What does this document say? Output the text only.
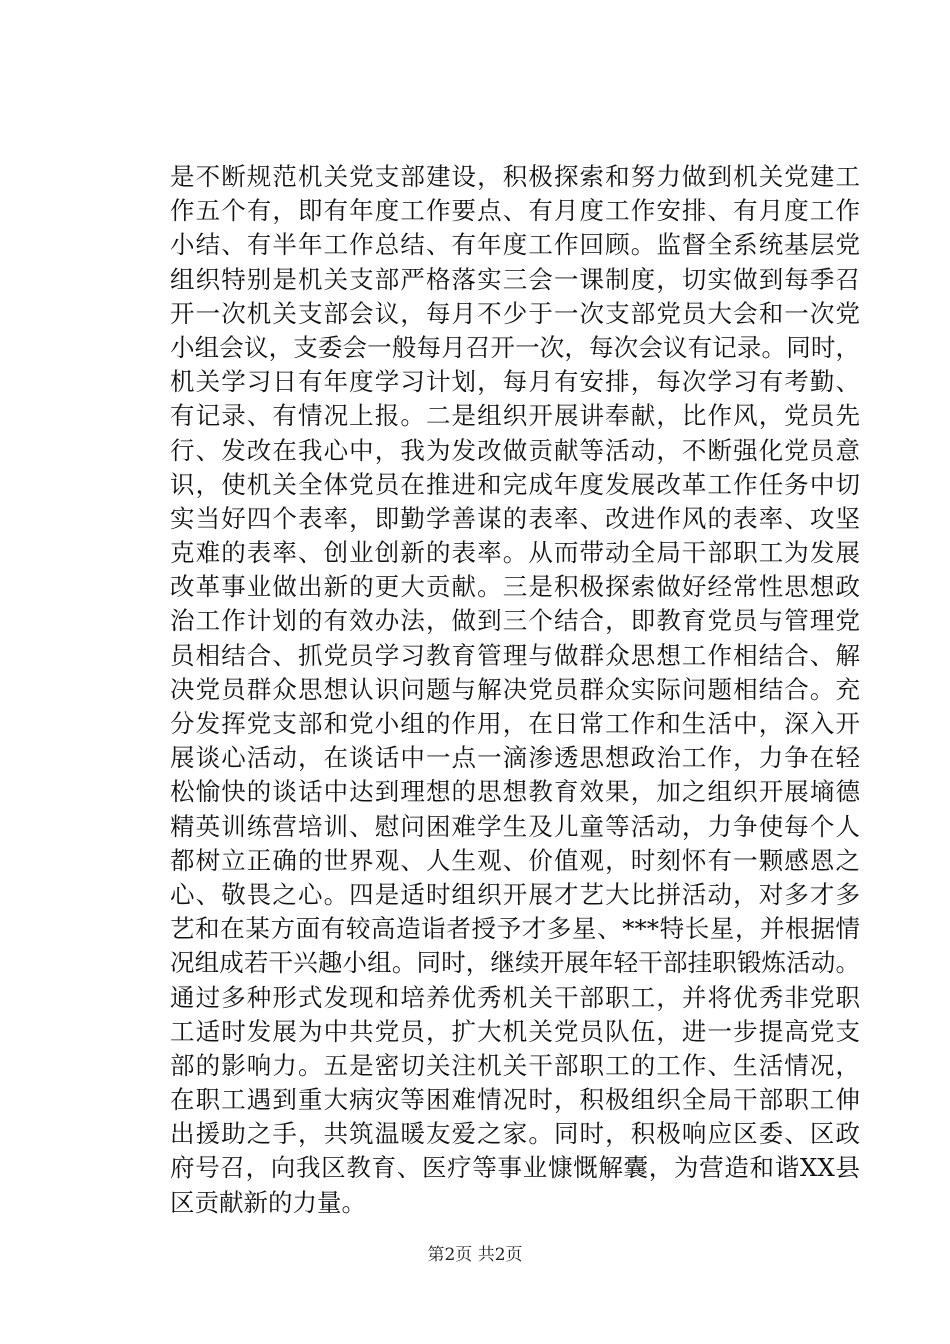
是不断规范机关党支部建设，积极探索和努力做到机关党建工
作五个有，即有年度工作要点、有月度工作安排、有月度工作
小结、有半年工作总结、有年度工作回顾。监督全系统基层党
组织特别是机关支部严格落实三会一课制度，切实做到每季召
开一次机关支部会议，每月不少于一次支部党员大会和一次党
小组会议，支委会一般每月召开一次，每次会议有记录。同时，
机关学习日有年度学习计划，每月有安排，每次学习有考勤、
有记录、有情况上报。二是组织开展讲奉献，比作风，党员先
行、发改在我心中，我为发改做贡献等活动，不断强化党员意
识，使机关全体党员在推进和完成年度发展改革工作任务中切
实当好四个表率，即勤学善谋的表率、改进作风的表率、攻坚
克难的表率、创业创新的表率。从而带动全局干部职工为发展
改革事业做出新的更大贡献。三是积极探索做好经常性思想政
治工作计划的有效办法，做到三个结合，即教育党员与管理党
员相结合、抓党员学习教育管理与做群众思想工作相结合、解
决党员群众思想认识问题与解决党员群众实际问题相结合。充
分发挥党支部和党小组的作用，在日常工作和生活中，深入开
展谈心活动，在谈话中一点一滴渗透思想政治工作，力争在轻
松愉快的谈话中达到理想的思想教育效果，加之组织开展墒德
精英训练营培训、慰问困难学生及儿童等活动，力争使每个人
都树立正确的世界观、人生观、价值观，时刻怀有一颗感恩之
心、敬畏之心。四是适时组织开展才艺大比拼活动，对多才多
艺和在某方面有较高造诣者授予才多星、***特长星，并根据情
况组成若干兴趣小组。同时，继续开展年轻干部挂职锻炼活动。
通过多种形式发现和培养优秀机关干部职工，并将优秀非党职
工适时发展为中共党员，扩大机关党员队伍，进一步提高党支
部的影响力。五是密切关注机关干部职工的工作、生活情况，
在职工遇到重大病灾等困难情况时，积极组织全局干部职工伸
出援助之手，共筑温暖友爱之家。同时，积极响应区委、区政
府号召，向我区教育、医疗等事业慷慨解囊，为营造和谐XX县
区贡献新的力量。
第2页 共2页
